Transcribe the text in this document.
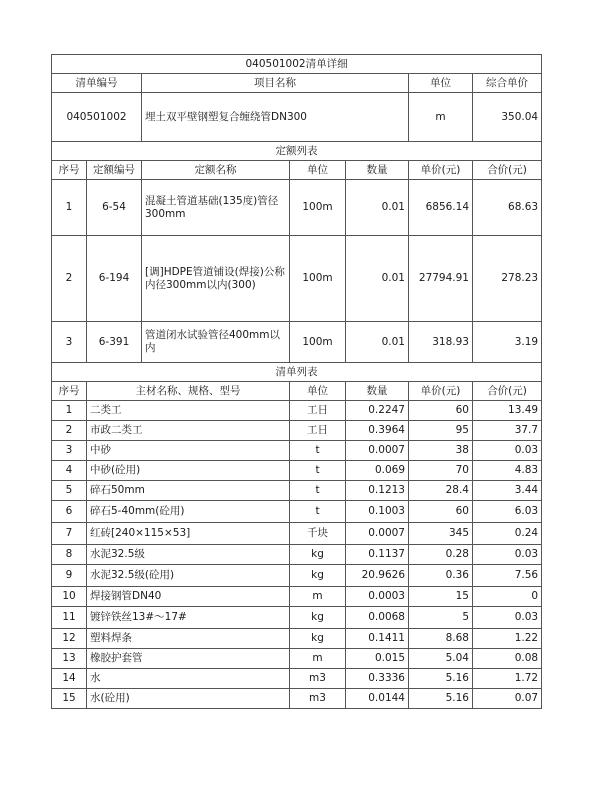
040501002清单详细						
清单编号		项目名称			单位	综合单价
040501002		埋土双平壁钢塑复合缠绕管DN300			m	350.04
定额列表						
序号	定额编号	定额名称	单位	数量	单价(元)	合价(元)
1	6-54	混凝土管道基础(135度)管径300mm	100m	0.01	6856.14	68.63
2	6-194	[调]HDPE管道铺设(焊接)公称内径300mm以内(300)	100m	0.01	27794.91	278.23
3	6-391	管道闭水试验管径400mm以内	100m	0.01	318.93	3.19
清单列表						
序号	主材名称、规格、型号		单位	数量	单价(元)	合价(元)
1	二类工		工日	0.2247	60	13.49
2	市政二类工		工日	0.3964	95	37.7
3	中砂		t	0.0007	38	0.03
4	中砂(砼用)		t	0.069	70	4.83
5	碎石50mm		t	0.1213	28.4	3.44
6	碎石5-40mm(砼用)		t	0.1003	60	6.03
7	红砖[240×115×53]		千块	0.0007	345	0.24
8	水泥32.5级		kg	0.1137	0.28	0.03
9	水泥32.5级(砼用)		kg	20.9626	0.36	7.56
10	焊接钢管DN40		m	0.0003	15	0
11	镀锌铁丝13#～17#		kg	0.0068	5	0.03
12	塑料焊条		kg	0.1411	8.68	1.22
13	橡胶护套管		m	0.015	5.04	0.08
14	水		m3	0.3336	5.16	1.72
15	水(砼用)		m3	0.0144	5.16	0.07
